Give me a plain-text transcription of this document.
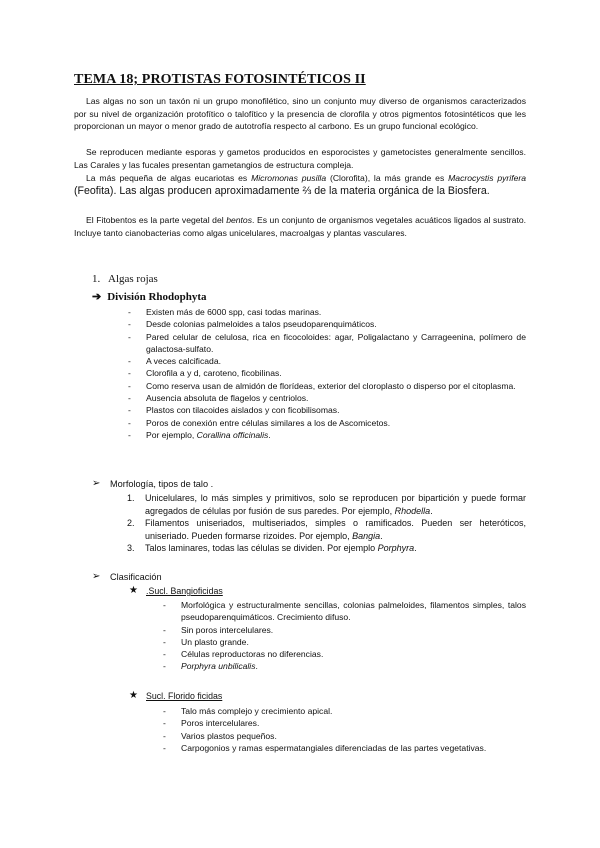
TEMA 18; PROTISTAS FOTOSINTÉTICOS II

Las algas no son un taxón ni un grupo monofilético, sino un conjunto muy diverso de organismos caracterizados por su nivel de organización protofítico o talofítico y la presencia de clorofila y otros pigmentos fotosintéticos que les proporcionan un mayor o menor grado de autotrofía respecto al carbono. Es un grupo funcional ecológico.

Se reproducen mediante esporas y gametos producidos en esporocistes y gametocistes generalmente sencillos. Las Carales y las fucales presentan gametangios de estructura compleja.

La más pequeña de algas eucariotas es Micromonas pusilla (Clorofita), la más grande es Macrocystis pyrifera (Feofita). Las algas producen aproximadamente ⅔ de la materia orgánica de la Biosfera.

El Fitobentos es la parte vegetal del bentos. Es un conjunto de organismos vegetales acuáticos ligados al sustrato. Incluye tanto cianobacterias como algas unicelulares, macroalgas y plantas vasculares.

1. Algas rojas
➔ División Rhodophyta
- Existen más de 6000 spp, casi todas marinas.
- Desde colonias palmeloides a talos pseudoparenquimáticos.
- Pared celular de celulosa, rica en ficocoloides: agar, Poligalactano y Carrageenina, polímero de galactosa-sulfato.
- A veces calcificada.
- Clorofila a y d, caroteno, ficobilinas.
- Como reserva usan de almidón de florídeas, exterior del cloroplasto o disperso por el citoplasma.
- Ausencia absoluta de flagelos y centriolos.
- Plastos con tilacoides aislados y con ficobilisomas.
- Poros de conexión entre células similares a los de Ascomicetos.
- Por ejemplo, Corallina officinalis.
➢ Morfología, tipos de talo .
1. Unicelulares, lo más simples y primitivos, solo se reproducen por bipartición y puede formar agregados de células por fusión de sus paredes. Por ejemplo, Rhodella.
2. Filamentos uniseriados, multiseriados, simples o ramificados. Pueden ser heteróticos, uniseriado. Pueden formarse rizoides. Por ejemplo, Bangia.
3. Talos laminares, todas las células se dividen. Por ejemplo Porphyra.
➢ Clasificación
★ .Sucl. Bangioficidas
- Morfológica y estructuralmente sencillas, colonias palmeloides, filamentos simples, talos pseudoparenquimáticos. Crecimiento difuso.
- Sin poros intercelulares.
- Un plasto grande.
- Células reproductoras no diferencias.
- Porphyra unbilicalis.
★ Sucl. Florido ficidas
- Talo más complejo y crecimiento apical.
- Poros intercelulares.
- Varios plastos pequeños.
- Carpogonios y ramas espermatangiales diferenciadas de las partes vegetativas.
